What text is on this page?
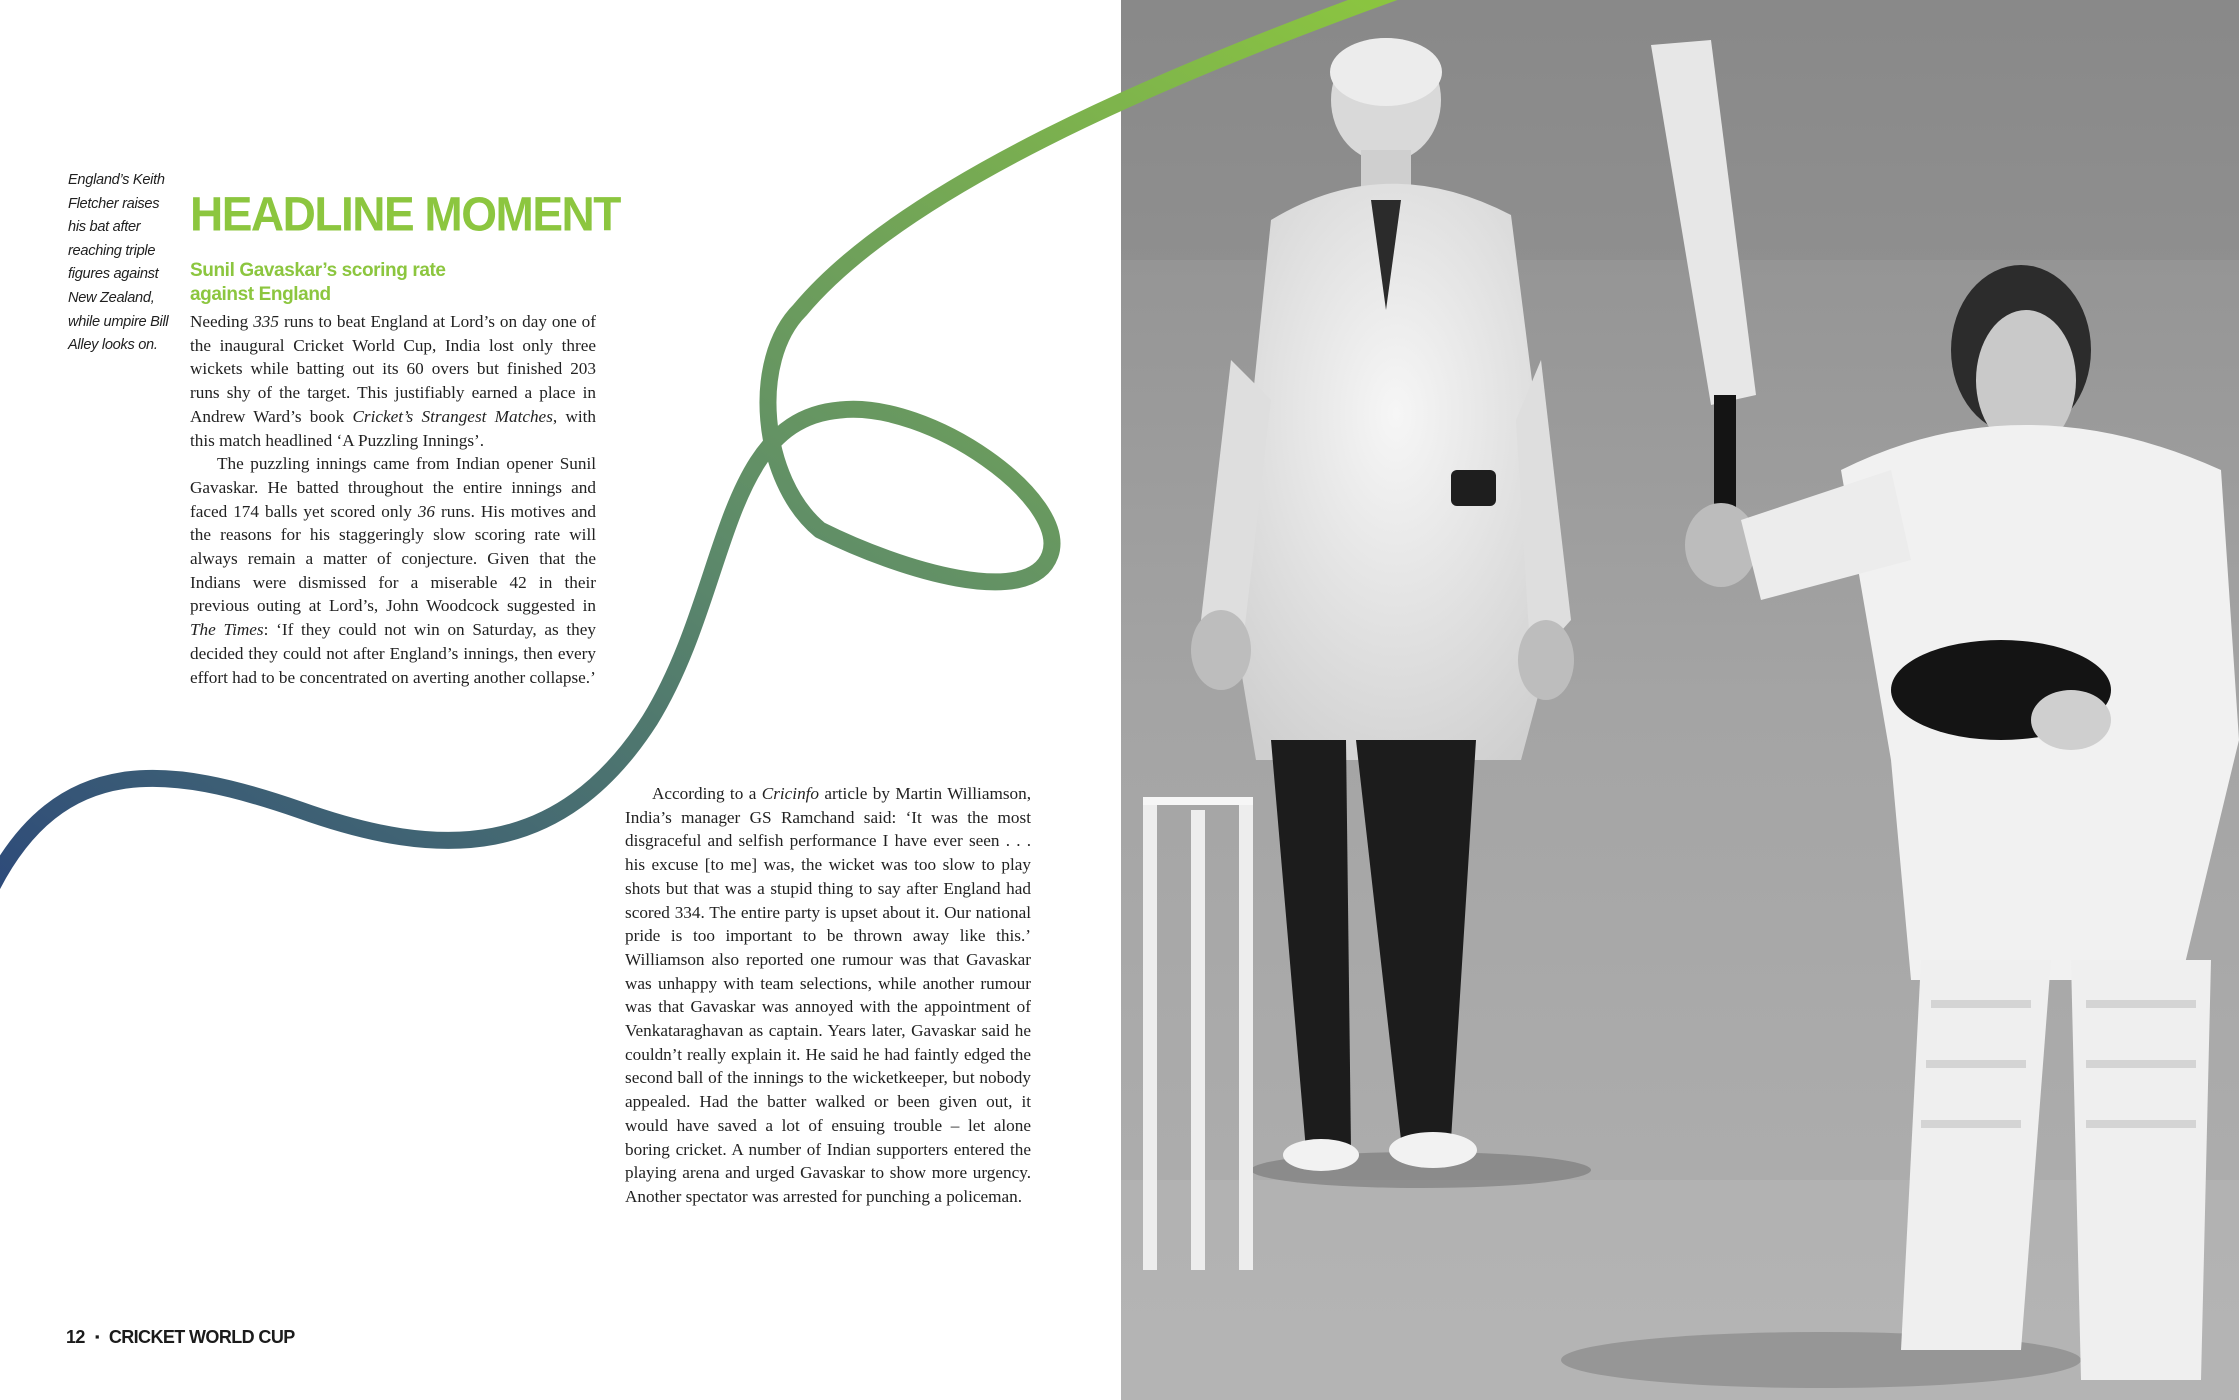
England’s Keith Fletcher raises his bat after reaching triple figures against New Zealand, while umpire Bill Alley looks on.
HEADLINE MOMENT
Sunil Gavaskar’s scoring rate against England

Needing 335 runs to beat England at Lord’s on day one of the inaugural Cricket World Cup, India lost only three wickets while batting out its 60 overs but finished 203 runs shy of the target. This justifiably earned a place in Andrew Ward’s book Cricket’s Strangest Matches, with this match headlined ‘A Puzzling Innings’.

The puzzling innings came from Indian opener Sunil Gavaskar. He batted throughout the entire innings and faced 174 balls yet scored only 36 runs. His motives and the reasons for his staggeringly slow scoring rate will always remain a matter of conjecture. Given that the Indians were dismissed for a miserable 42 in their previous outing at Lord’s, John Woodcock suggested in The Times: ‘If they could not win on Saturday, as they decided they could not after England’s innings, then every effort had to be concentrated on averting another collapse.’

According to a Cricinfo article by Martin Williamson, India’s manager GS Ramchand said: ‘It was the most disgraceful and selfish performance I have ever seen . . . his excuse [to me] was, the wicket was too slow to play shots but that was a stupid thing to say after England had scored 334. The entire party is upset about it. Our national pride is too important to be thrown away like this.’ Williamson also reported one rumour was that Gavaskar was unhappy with team selections, while another rumour was that Gavaskar was annoyed with the appointment of Venkataraghavan as captain. Years later, Gavaskar said he couldn’t really explain it. He said he had faintly edged the second ball of the innings to the wicketkeeper, but nobody appealed. Had the batter walked or been given out, it would have saved a lot of ensuing trouble – let alone boring cricket. A number of Indian supporters entered the playing arena and urged Gavaskar to show more urgency. Another spectator was arrested for punching a policeman.

12 ▪ CRICKET WORLD CUP
